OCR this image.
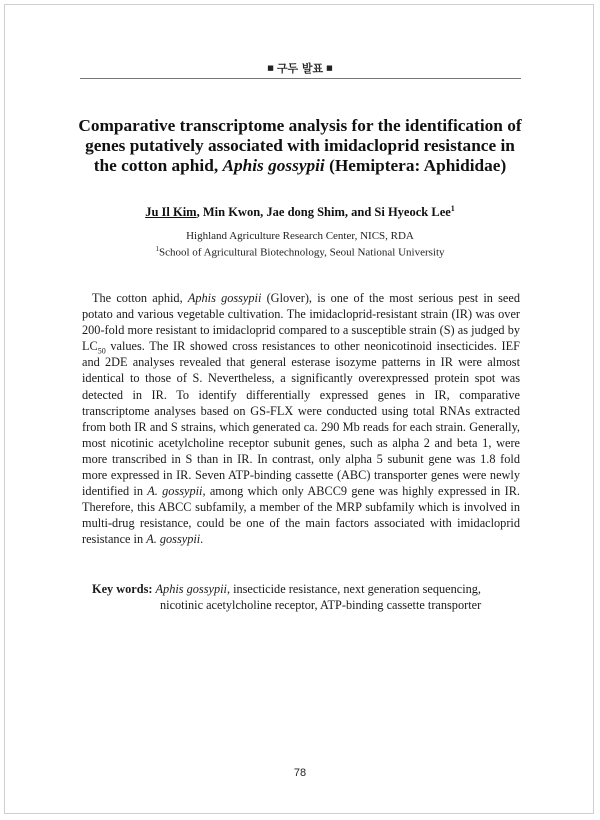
■ 구두 발표 ■
Comparative transcriptome analysis for the identification of
genes putatively associated with imidacloprid resistance in
the cotton aphid, Aphis gossypii (Hemiptera: Aphididae)
Ju Il Kim, Min Kwon, Jae dong Shim, and Si Hyeock Lee$^1$
Highland Agriculture Research Center, NICS, RDA
$^1$School of Agricultural Biotechnology, Seoul National University

The cotton aphid, Aphis gossypii (Glover), is one of the most serious pest in seed potato and various vegetable cultivation. The imidacloprid-resistant strain (IR) was over 200-fold more resistant to imidacloprid compared to a susceptible strain (S) as judged by $LC_{50}$ values. The IR showed cross resistances to other neonicotinoid insecticides. IEF and 2DE analyses revealed that general esterase isozyme patterns in IR were almost identical to those of S. Nevertheless, a significantly overexpressed protein spot was detected in IR. To identify differentially expressed genes in IR, comparative transcriptome analyses based on GS-FLX were conducted using total RNAs extracted from both IR and S strains, which generated ca. 290 Mb reads for each strain. Generally, most nicotinic acetylcholine receptor subunit genes, such as alpha 2 and beta 1, were more transcribed in S than in IR. In contrast, only alpha 5 subunit gene was 1.8 fold more expressed in IR. Seven ATP-binding cassette (ABC) transporter genes were newly identified in A. gossypii, among which only ABCC9 gene was highly expressed in IR. Therefore, this ABCC subfamily, a member of the MRP subfamily which is involved in multi-drug resistance, could be one of the main factors associated with imidacloprid resistance in A. gossypii.

Key words: Aphis gossypii, insecticide resistance, next generation sequencing,
nicotinic acetylcholine receptor, ATP-binding cassette transporter
78
